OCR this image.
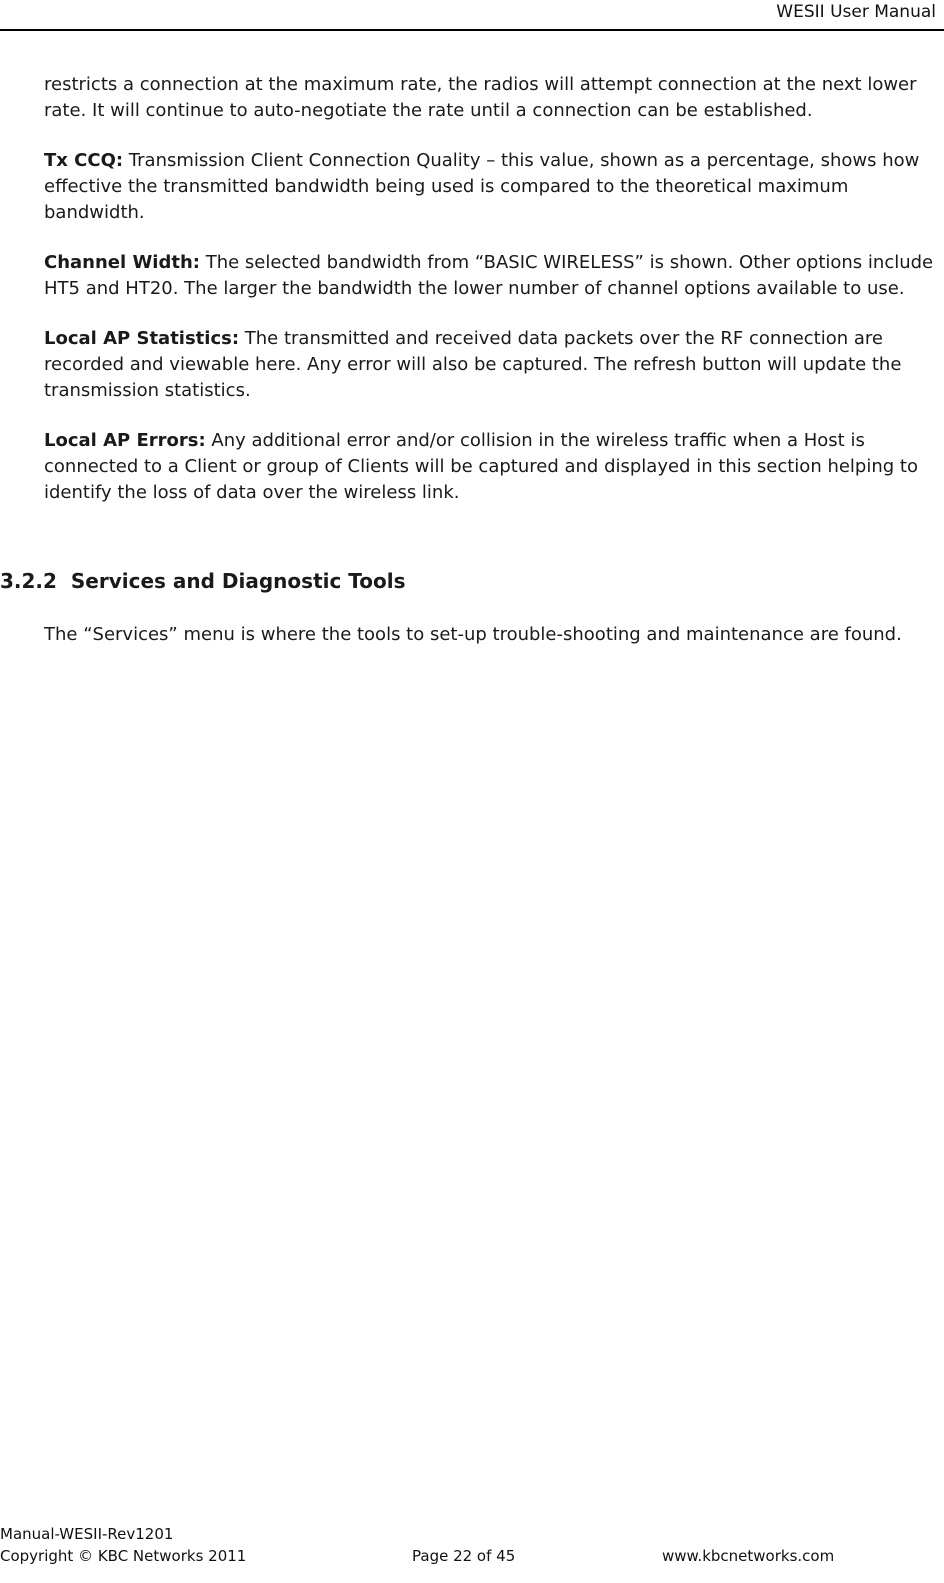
WESII User Manual

restricts a connection at the maximum rate, the radios will attempt connection at the next lower rate. It will continue to auto-negotiate the rate until a connection can be established.

Tx CCQ: Transmission Client Connection Quality – this value, shown as a percentage, shows how effective the transmitted bandwidth being used is compared to the theoretical maximum bandwidth.

Channel Width: The selected bandwidth from “BASIC WIRELESS” is shown. Other options include HT5 and HT20. The larger the bandwidth the lower number of channel options available to use.

Local AP Statistics: The transmitted and received data packets over the RF connection are recorded and viewable here. Any error will also be captured. The refresh button will update the transmission statistics.

Local AP Errors: Any additional error and/or collision in the wireless traffic when a Host is connected to a Client or group of Clients will be captured and displayed in this section helping to identify the loss of data over the wireless link.

3.2.2 Services and Diagnostic Tools

The “Services” menu is where the tools to set-up trouble-shooting and maintenance are found.

Manual-WESII-Rev1201
Copyright © KBC Networks 2011	Page 22 of 45	www.kbcnetworks.com
